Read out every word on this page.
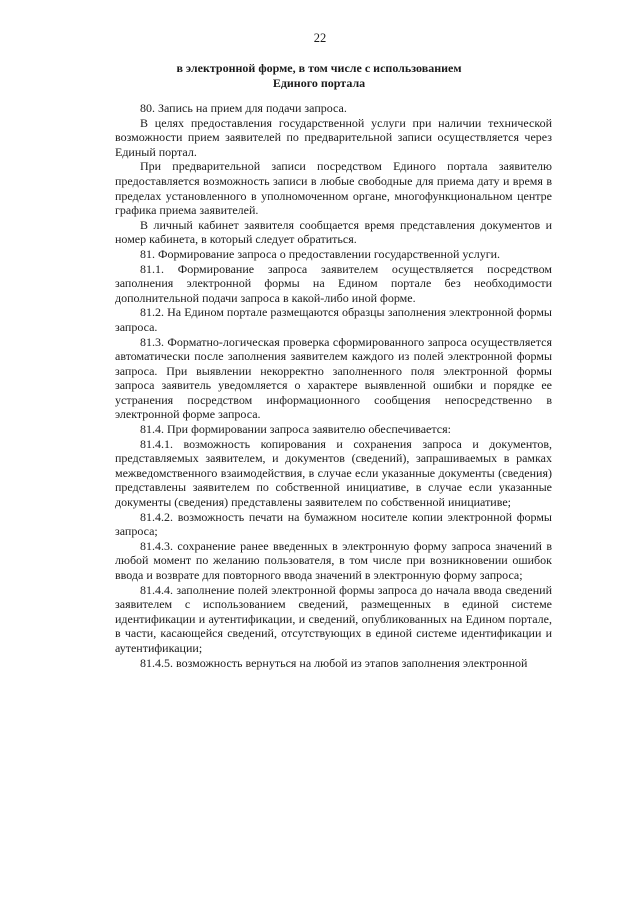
22
в электронной форме, в том числе с использованием
Единого портала

80. Запись на прием для подачи запроса.

В целях предоставления государственной услуги при наличии технической возможности прием заявителей по предварительной записи осуществляется через Единый портал.

При предварительной записи посредством Единого портала заявителю предоставляется возможность записи в любые свободные для приема дату и время в пределах установленного в уполномоченном органе, многофункциональном центре графика приема заявителей.

В личный кабинет заявителя сообщается время представления документов и номер кабинета, в который следует обратиться.

81. Формирование запроса о предоставлении государственной услуги.

81.1. Формирование запроса заявителем осуществляется посредством заполнения электронной формы на Едином портале без необходимости дополнительной подачи запроса в какой-либо иной форме.

81.2. На Едином портале размещаются образцы заполнения электронной формы запроса.

81.3. Форматно-логическая проверка сформированного запроса осуществляется автоматически после заполнения заявителем каждого из полей электронной формы запроса. При выявлении некорректно заполненного поля электронной формы запроса заявитель уведомляется о характере выявленной ошибки и порядке ее устранения посредством информационного сообщения непосредственно в электронной форме запроса.

81.4. При формировании запроса заявителю обеспечивается:

81.4.1. возможность копирования и сохранения запроса и документов, представляемых заявителем, и документов (сведений), запрашиваемых в рамках межведомственного взаимодействия, в случае если указанные документы (сведения) представлены заявителем по собственной инициативе, в случае если указанные документы (сведения) представлены заявителем по собственной инициативе;

81.4.2. возможность печати на бумажном носителе копии электронной формы запроса;

81.4.3. сохранение ранее введенных в электронную форму запроса значений в любой момент по желанию пользователя, в том числе при возникновении ошибок ввода и возврате для повторного ввода значений в электронную форму запроса;

81.4.4. заполнение полей электронной формы запроса до начала ввода сведений заявителем с использованием сведений, размещенных в единой системе идентификации и аутентификации, и сведений, опубликованных на Едином портале, в части, касающейся сведений, отсутствующих в единой системе идентификации и аутентификации;

81.4.5. возможность вернуться на любой из этапов заполнения электронной
